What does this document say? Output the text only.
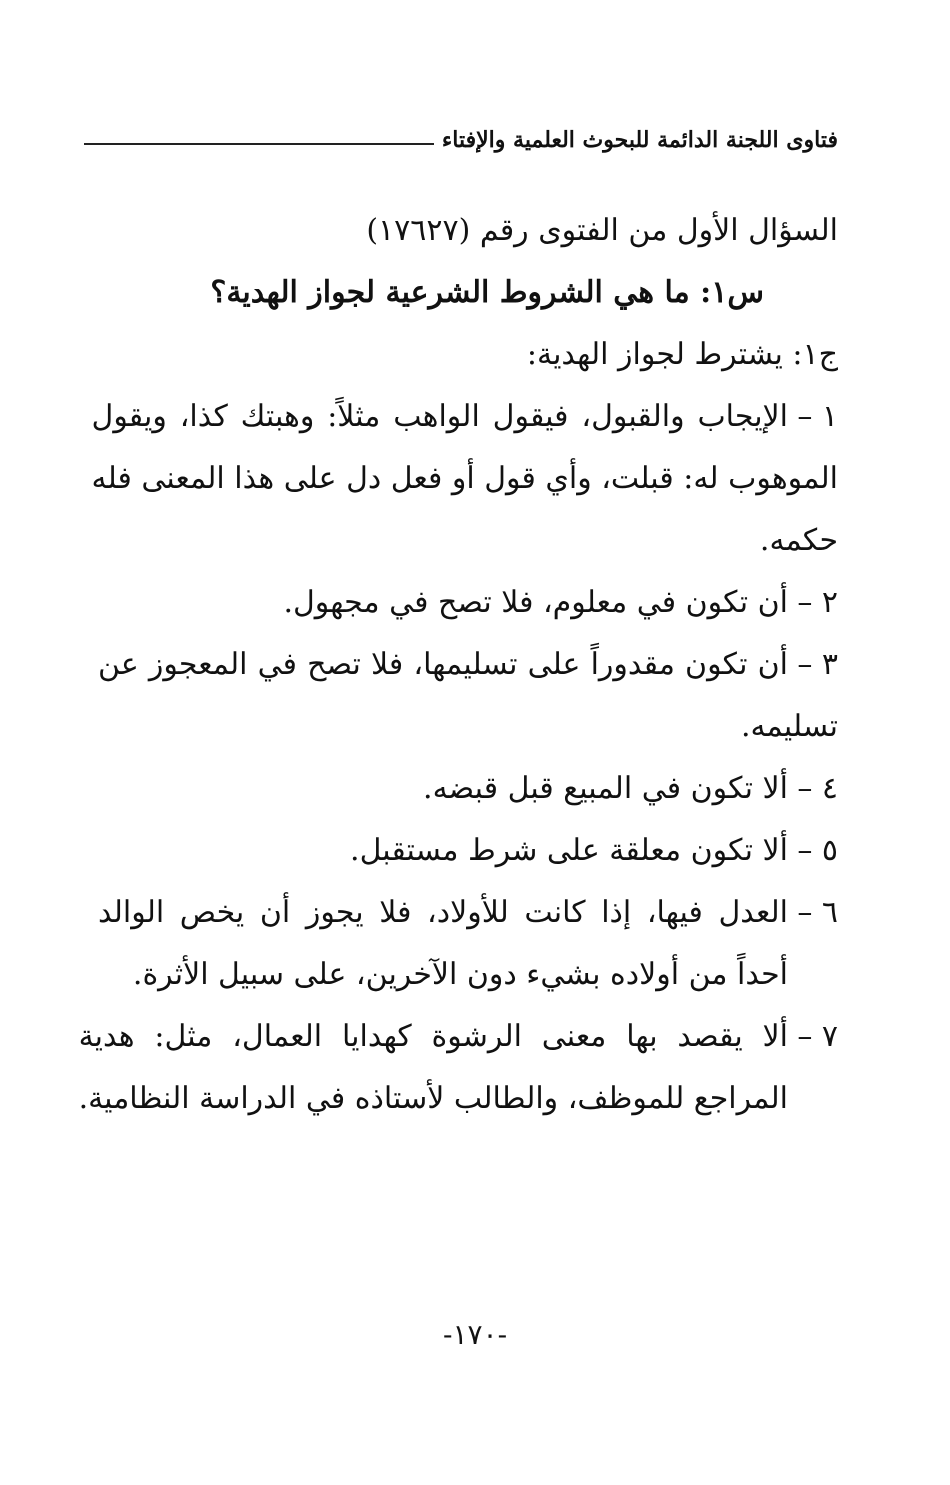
فتاوى اللجنة الدائمة للبحوث العلمية والإفتاء
السؤال الأول من الفتوى رقم (١٧٦٢٧)
س١: ما هي الشروط الشرعية لجواز الهدية؟
ج١: يشترط لجواز الهدية:
١ –
الإيجاب والقبول، فيقول الواهب مثلاً: وهبتك كذا، ويقول
الموهوب له: قبلت، وأي قول أو فعل دل على هذا المعنى فله
حكمه.
٢ –
أن تكون في معلوم، فلا تصح في مجهول.
٣ –
أن تكون مقدوراً على تسليمها، فلا تصح في المعجوز عن
تسليمه.
٤ –
ألا تكون في المبيع قبل قبضه.
٥ –
ألا تكون معلقة على شرط مستقبل.
٦ –
العدل فيها، إذا كانت للأولاد، فلا يجوز أن يخص الوالد
أحداً من أولاده بشيء دون الآخرين، على سبيل الأثرة.
٧ –
ألا يقصد بها معنى الرشوة كهدايا العمال، مثل: هدية
المراجع للموظف، والطالب لأستاذه في الدراسة النظامية.
-١٧٠-
